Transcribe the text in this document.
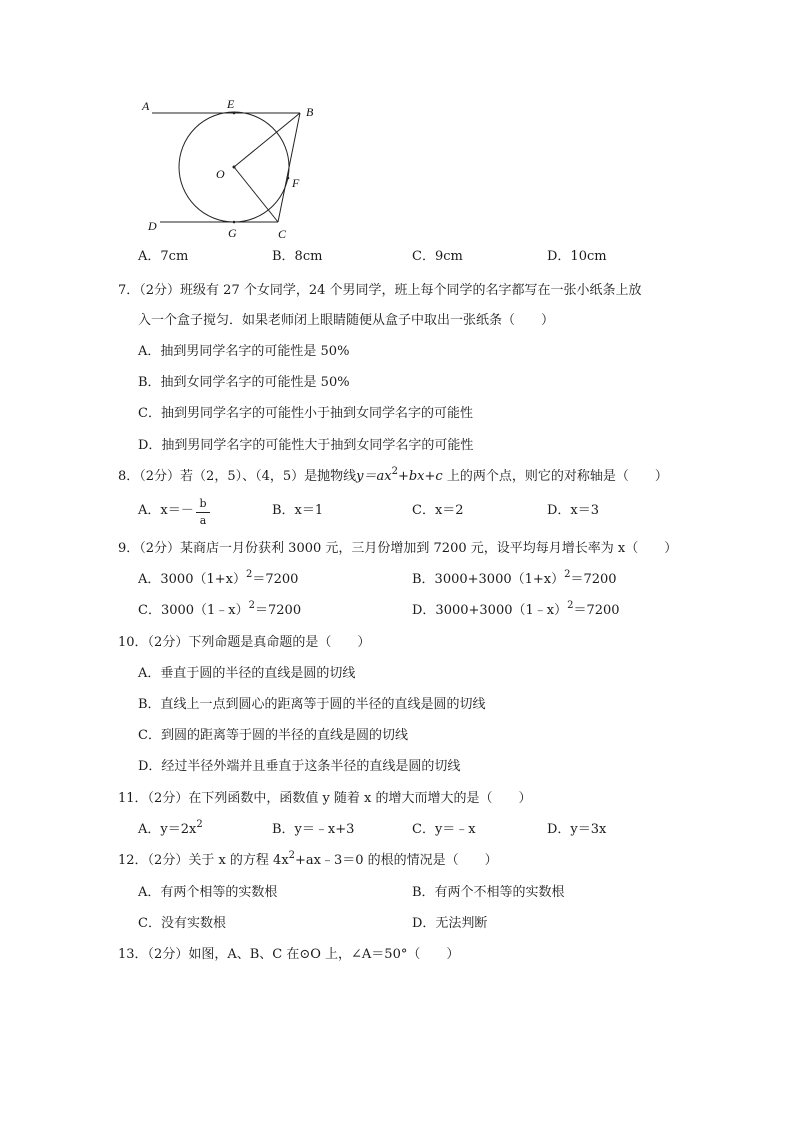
A	E
B
O
F
D	G	C
A．7cm	B．8cm	C．9cm	D．10cm
7．（2分）班级有 27 个女同学，24 个男同学，班上每个同学的名字都写在一张小纸条上放
入一个盒子搅匀．如果老师闭上眼睛随便从盒子中取出一张纸条（　　）
A．抽到男同学名字的可能性是 50%
B．抽到女同学名字的可能性是 50%
C．抽到男同学名字的可能性小于抽到女同学名字的可能性
D．抽到男同学名字的可能性大于抽到女同学名字的可能性
8．（2分）若（2，5）、（4，5）是抛物线$y=ax^2+bx+c$ 上的两个点，则它的对称轴是（　　）
A．x＝－ b
a
B．x＝1	C．x＝2	D．x＝3
9．（2分）某商店一月份获利 3000 元，三月份增加到 7200 元，设平均每月增长率为 x（　　）
A．$3000(1+x)^2=7200$	B．$3000+3000(1+x)^2=7200$
C．3000（1﹣x）$^2$＝7200	D．3000+3000（1﹣x）$^2$＝7200
10．（2分）下列命题是真命题的是（　　）
A．垂直于圆的半径的直线是圆的切线
B．直线上一点到圆心的距离等于圆的半径的直线是圆的切线
C．到圆的距离等于圆的半径的直线是圆的切线
D．经过半径外端并且垂直于这条半径的直线是圆的切线
11．（2分）在下列函数中，函数值 y 随着 x 的增大而增大的是（　　）
A．$y=2x^2$	B．y＝﹣x+3	C．y＝﹣x	D．y＝3x
12．（2分）关于 x 的方程 $4x^2+ax﹣3=0$ 的根的情况是（　　）
A．有两个相等的实数根	B．有两个不相等的实数根
C．没有实数根	D．无法判断
13．（2分）如图，A、B、C 在⊙O 上，∠A＝50°（　　）
